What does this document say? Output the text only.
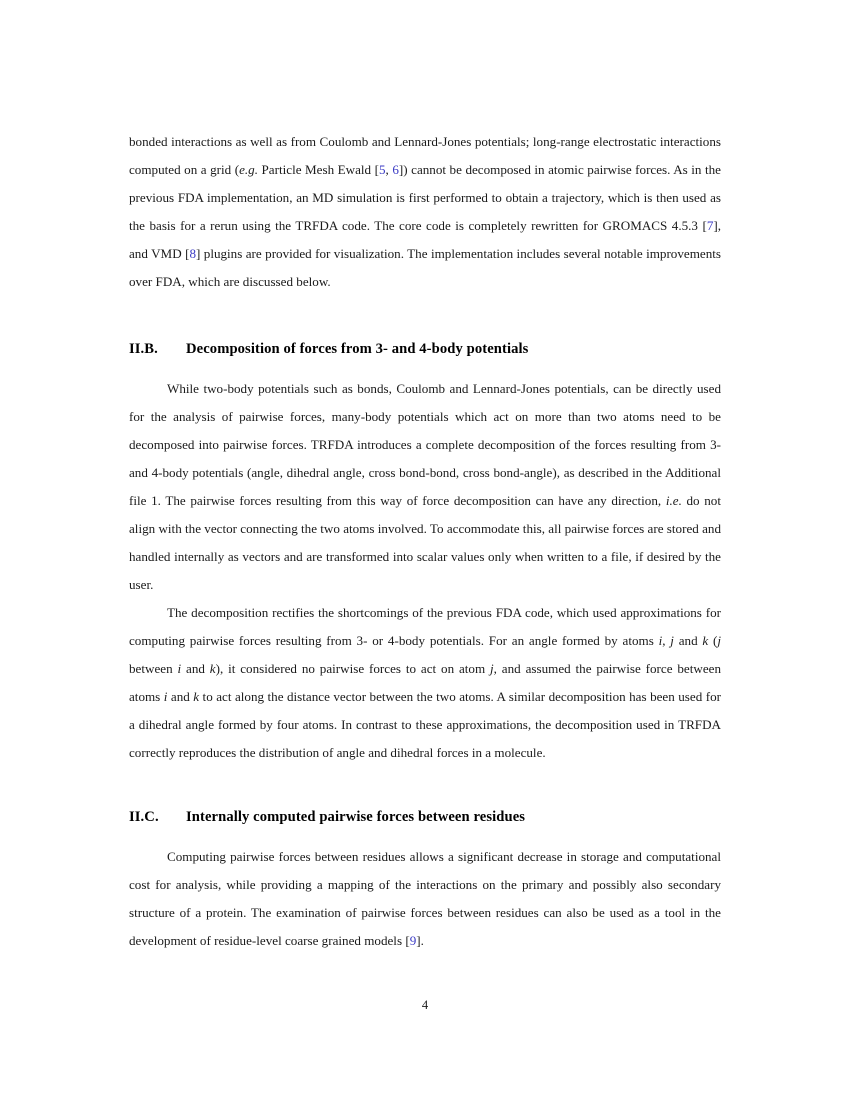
bonded interactions as well as from Coulomb and Lennard-Jones potentials; long-range electrostatic interactions computed on a grid (e.g. Particle Mesh Ewald [5, 6]) cannot be decomposed in atomic pairwise forces. As in the previous FDA implementation, an MD simulation is first performed to obtain a trajectory, which is then used as the basis for a rerun using the TRFDA code. The core code is completely rewritten for GROMACS 4.5.3 [7], and VMD [8] plugins are provided for visualization. The implementation includes several notable improvements over FDA, which are discussed below.

II.B. Decomposition of forces from 3- and 4-body potentials

While two-body potentials such as bonds, Coulomb and Lennard-Jones potentials, can be directly used for the analysis of pairwise forces, many-body potentials which act on more than two atoms need to be decomposed into pairwise forces. TRFDA introduces a complete decomposition of the forces resulting from 3- and 4-body potentials (angle, dihedral angle, cross bond-bond, cross bond-angle), as described in the Additional file 1. The pairwise forces resulting from this way of force decomposition can have any direction, i.e. do not align with the vector connecting the two atoms involved. To accommodate this, all pairwise forces are stored and handled internally as vectors and are transformed into scalar values only when written to a file, if desired by the user.

The decomposition rectifies the shortcomings of the previous FDA code, which used approximations for computing pairwise forces resulting from 3- or 4-body potentials. For an angle formed by atoms i, j and k (j between i and k), it considered no pairwise forces to act on atom j, and assumed the pairwise force between atoms i and k to act along the distance vector between the two atoms. A similar decomposition has been used for a dihedral angle formed by four atoms. In contrast to these approximations, the decomposition used in TRFDA correctly reproduces the distribution of angle and dihedral forces in a molecule.

II.C. Internally computed pairwise forces between residues

Computing pairwise forces between residues allows a significant decrease in storage and computational cost for analysis, while providing a mapping of the interactions on the primary and possibly also secondary structure of a protein. The examination of pairwise forces between residues can also be used as a tool in the development of residue-level coarse grained models [9].

4
